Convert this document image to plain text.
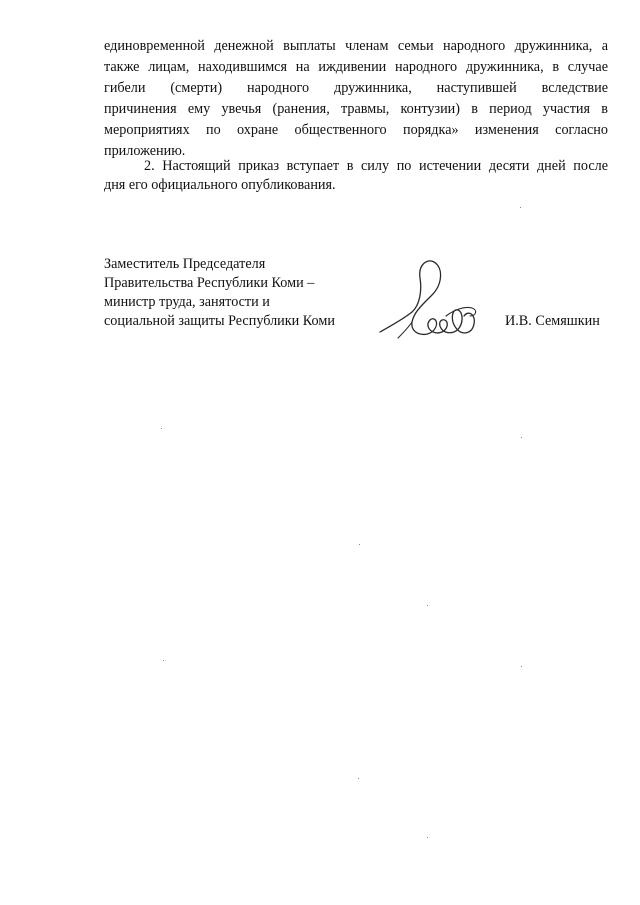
единовременной денежной выплаты членам семьи народного дружинника, а
также лицам, находившимся на иждивении народного дружинника, в случае
гибели (смерти) народного дружинника, наступившей вследствие
причинения ему увечья (ранения, травмы, контузии) в период участия в
мероприятиях по охране общественного порядка» изменения согласно
приложению.
2. Настоящий приказ вступает в силу по истечении десяти дней после
дня его официального опубликования.
Заместитель Председателя
Правительства Республики Коми –
министр труда, занятости и
социальной защиты Республики Коми	И.В. Семяшкин
